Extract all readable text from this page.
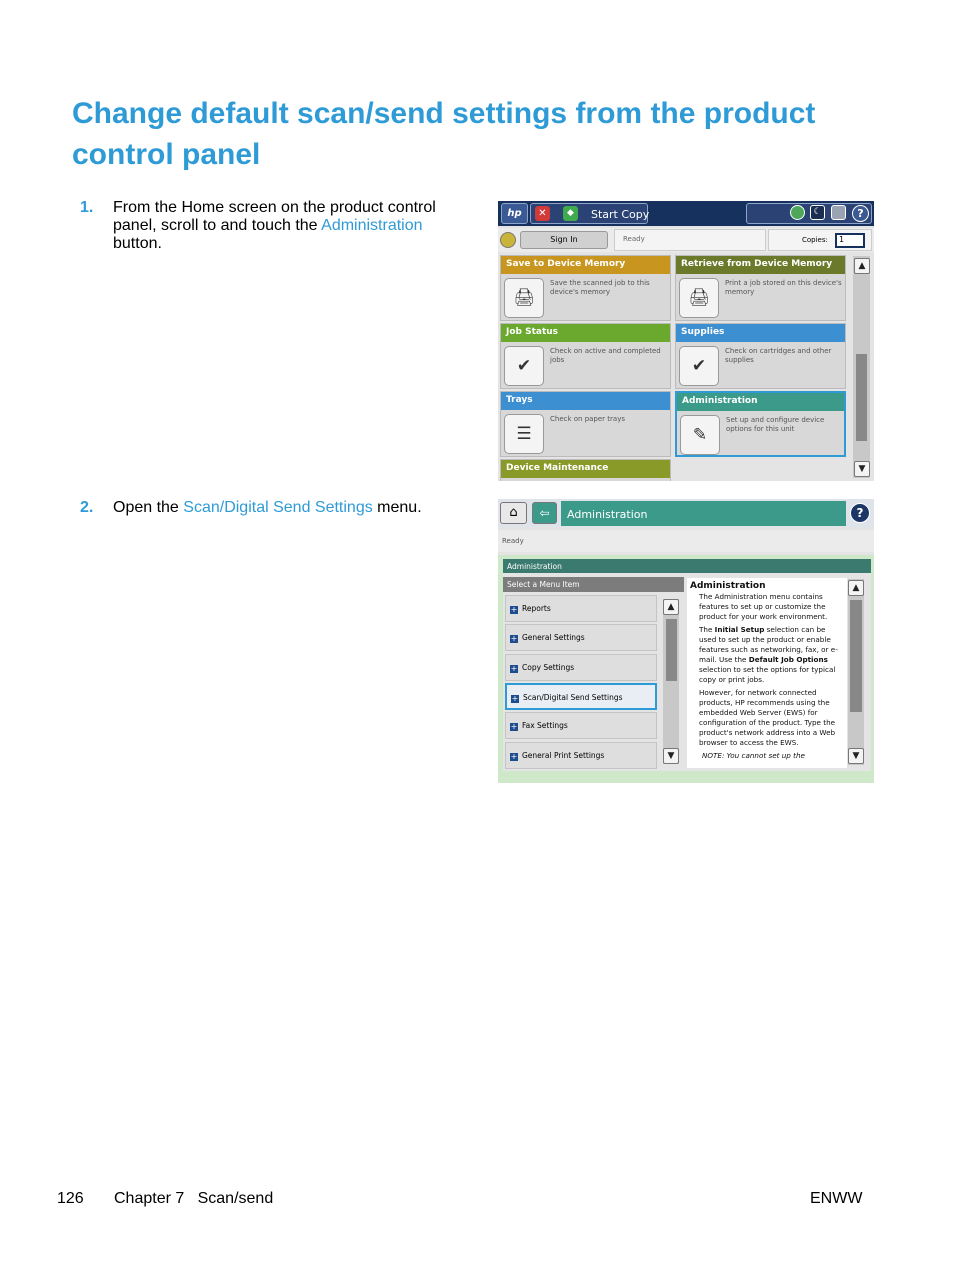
Change default scan/send settings from the product control panel
1. From the Home screen on the product control panel, scroll to and touch the Administration button.
2. Open the Scan/Digital Send Settings menu.
hp	✕	◆	Start Copy	☾	?
Sign In	Ready	Copies:	1
Save to Device Memory
🖨
Save the scanned job to this device's memory
Retrieve from Device Memory
🖨
Print a job stored on this device's memory
Job Status
✔
Check on active and completed jobs
Supplies
✔
Check on cartridges and other supplies
Trays
☰
Check on paper trays
Administration
✎
Set up and configure device options for this unit
Device Maintenance
▲
▼
⌂	⇦	Administration	?
Ready
Administration
Select a Menu Item
+ Reports
+ General Settings
+ Copy Settings
+ Scan/Digital Send Settings
+ Fax Settings
+ General Print Settings
▲
▼
Administration
The Administration menu contains features to set up or customize the product for your work environment.
The Initial Setup selection can be used to set up the product or enable features such as networking, fax, or e-mail. Use the Default Job Options selection to set the options for typical copy or print jobs.
However, for network connected products, HP recommends using the embedded Web Server (EWS) for configuration of the product. Type the product's network address into a Web browser to access the EWS.
NOTE: You cannot set up the
▲
▼
126 Chapter 7   Scan/send	ENWW
